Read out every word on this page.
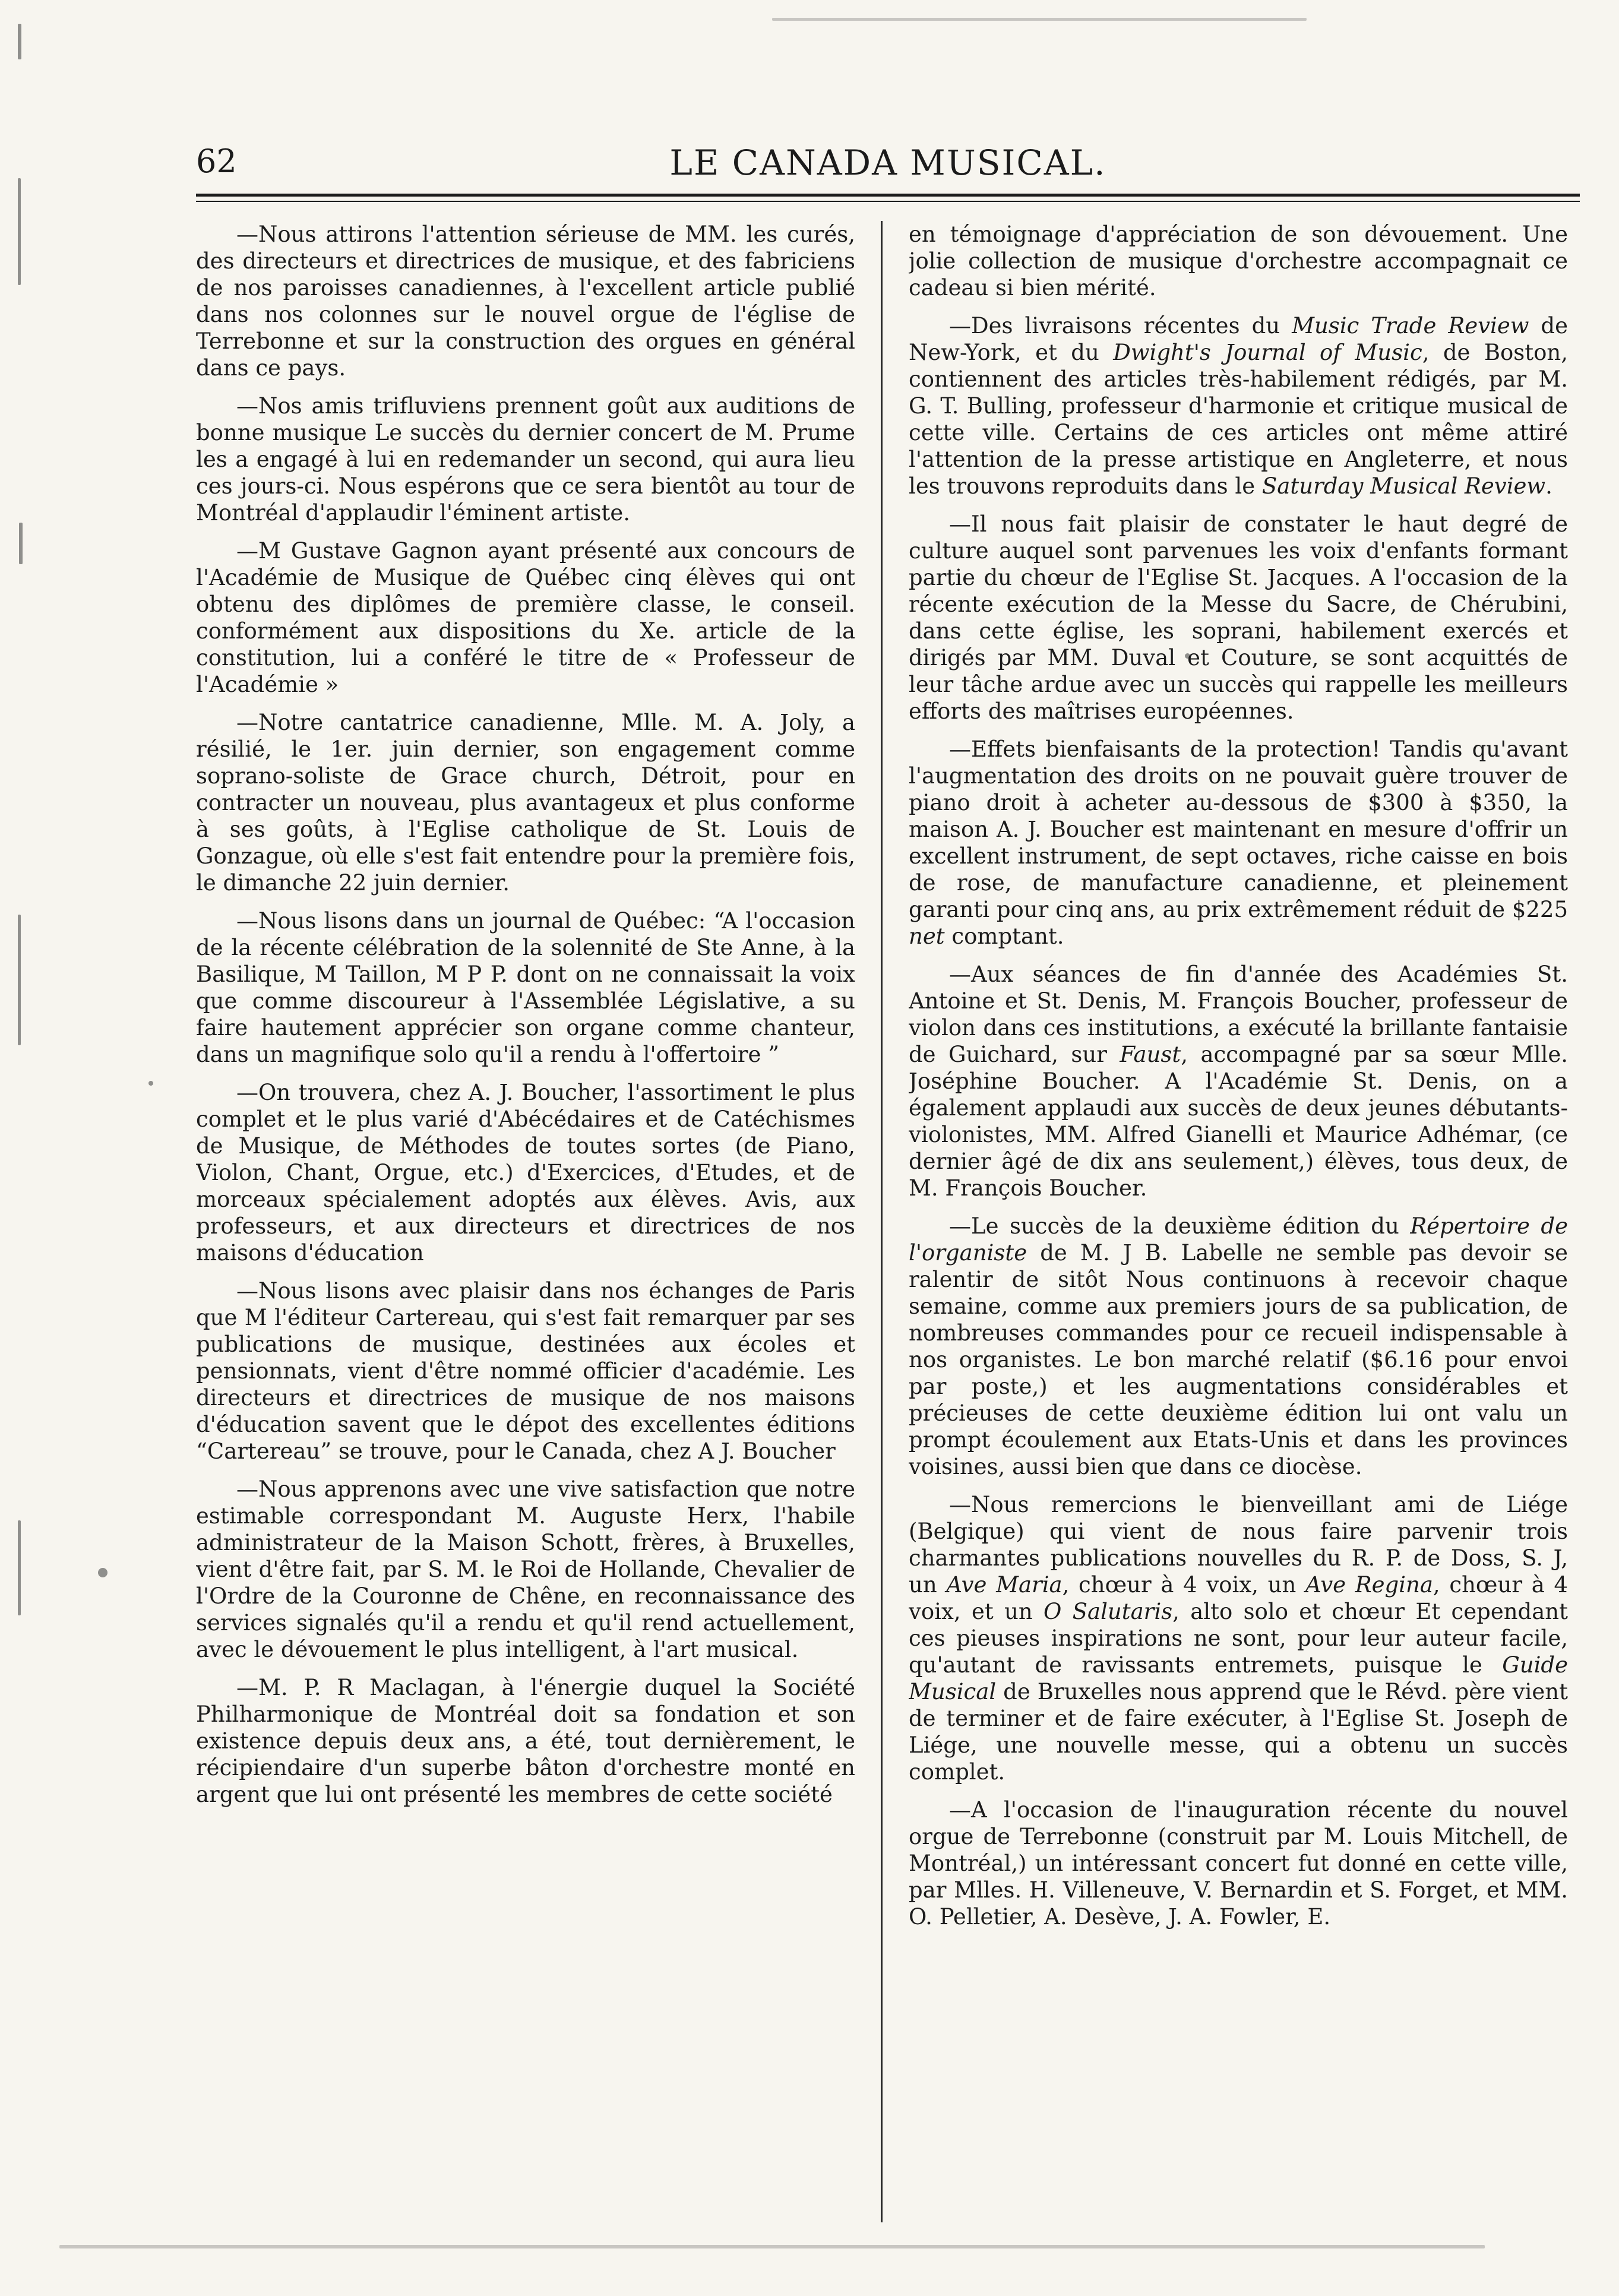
62	LE CANADA MUSICAL.

—Nous attirons l'attention sérieuse de MM. les curés, des directeurs et directrices de musique, et des fabriciens de nos paroisses canadiennes, à l'excellent article publié dans nos colonnes sur le nouvel orgue de l'église de Terrebonne et sur la construction des orgues en général dans ce pays.

—Nos amis trifluviens prennent goût aux auditions de bonne musique Le succès du dernier concert de M. Prume les a engagé à lui en redemander un second, qui aura lieu ces jours-ci. Nous espérons que ce sera bientôt au tour de Montréal d'applaudir l'éminent artiste.

—M Gustave Gagnon ayant présenté aux concours de l'Académie de Musique de Québec cinq élèves qui ont obtenu des diplômes de première classe, le conseil. conformément aux dispositions du Xe. article de la constitution, lui a conféré le titre de « Professeur de l'Académie »

—Notre cantatrice canadienne, Mlle. M. A. Joly, a résilié, le 1er. juin dernier, son engagement comme soprano-soliste de Grace church, Détroit, pour en contracter un nouveau, plus avantageux et plus conforme à ses goûts, à l'Eglise catholique de St. Louis de Gonzague, où elle s'est fait entendre pour la première fois, le dimanche 22 juin dernier.

—Nous lisons dans un journal de Québec: “A l'occasion de la récente célébration de la solennité de Ste Anne, à la Basilique, M Taillon, M P P. dont on ne connaissait la voix que comme discoureur à l'Assemblée Législative, a su faire hautement apprécier son organe comme chanteur, dans un magnifique solo qu'il a rendu à l'offertoire ”

—On trouvera, chez A. J. Boucher, l'assortiment le plus complet et le plus varié d'Abécédaires et de Catéchismes de Musique, de Méthodes de toutes sortes (de Piano, Violon, Chant, Orgue, etc.) d'Exercices, d'Etudes, et de morceaux spécialement adoptés aux élèves. Avis, aux professeurs, et aux directeurs et directrices de nos maisons d'éducation

—Nous lisons avec plaisir dans nos échanges de Paris que M l'éditeur Cartereau, qui s'est fait remarquer par ses publications de musique, destinées aux écoles et pensionnats, vient d'être nommé officier d'académie. Les directeurs et directrices de musique de nos maisons d'éducation savent que le dépot des excellentes éditions “Cartereau” se trouve, pour le Canada, chez A J. Boucher

—Nous apprenons avec une vive satisfaction que notre estimable correspondant M. Auguste Herx, l'habile administrateur de la Maison Schott, frères, à Bruxelles, vient d'être fait, par S. M. le Roi de Hollande, Chevalier de l'Ordre de la Couronne de Chêne, en reconnaissance des services signalés qu'il a rendu et qu'il rend actuellement, avec le dévouement le plus intelligent, à l'art musical.

—M. P. R Maclagan, à l'énergie duquel la Société Philharmonique de Montréal doit sa fondation et son existence depuis deux ans, a été, tout dernièrement, le récipiendaire d'un superbe bâton d'orchestre monté en argent que lui ont présenté les membres de cette société

en témoignage d'appréciation de son dévouement. Une jolie collection de musique d'orchestre accompagnait ce cadeau si bien mérité.

—Des livraisons récentes du Music Trade Review de New-York, et du Dwight's Journal of Music, de Boston, contiennent des articles très-habilement rédigés, par M. G. T. Bulling, professeur d'harmonie et critique musical de cette ville. Certains de ces articles ont même attiré l'attention de la presse artistique en Angleterre, et nous les trouvons reproduits dans le Saturday Musical Review.

—Il nous fait plaisir de constater le haut degré de culture auquel sont parvenues les voix d'enfants formant partie du chœur de l'Eglise St. Jacques. A l'occasion de la récente exécution de la Messe du Sacre, de Chérubini, dans cette église, les soprani, habilement exercés et dirigés par MM. Duval et Couture, se sont acquittés de leur tâche ardue avec un succès qui rappelle les meilleurs efforts des maîtrises européennes.

—Effets bienfaisants de la protection! Tandis qu'avant l'augmentation des droits on ne pouvait guère trouver de piano droit à acheter au-dessous de $300 à $350, la maison A. J. Boucher est maintenant en mesure d'offrir un excellent instrument, de sept octaves, riche caisse en bois de rose, de manufacture canadienne, et pleinement garanti pour cinq ans, au prix extrêmement réduit de $225 net comptant.

—Aux séances de fin d'année des Académies St. Antoine et St. Denis, M. François Boucher, professeur de violon dans ces institutions, a exécuté la brillante fantaisie de Guichard, sur Faust, accompagné par sa sœur Mlle. Joséphine Boucher. A l'Académie St. Denis, on a également applaudi aux succès de deux jeunes débutants-violonistes, MM. Alfred Gianelli et Maurice Adhémar, (ce dernier âgé de dix ans seulement,) élèves, tous deux, de M. François Boucher.

—Le succès de la deuxième édition du Répertoire de l'organiste de M. J B. Labelle ne semble pas devoir se ralentir de sitôt Nous continuons à recevoir chaque semaine, comme aux premiers jours de sa publication, de nombreuses commandes pour ce recueil indispensable à nos organistes. Le bon marché relatif ($6.16 pour envoi par poste,) et les augmentations considérables et précieuses de cette deuxième édition lui ont valu un prompt écoulement aux Etats-Unis et dans les provinces voisines, aussi bien que dans ce diocèse.

—Nous remercions le bienveillant ami de Liége (Belgique) qui vient de nous faire parvenir trois charmantes publications nouvelles du R. P. de Doss, S. J, un Ave Maria, chœur à 4 voix, un Ave Regina, chœur à 4 voix, et un O Salutaris, alto solo et chœur Et cependant ces pieuses inspirations ne sont, pour leur auteur facile, qu'autant de ravissants entremets, puisque le Guide Musical de Bruxelles nous apprend que le Révd. père vient de terminer et de faire exécuter, à l'Eglise St. Joseph de Liége, une nouvelle messe, qui a obtenu un succès complet.

—A l'occasion de l'inauguration récente du nouvel orgue de Terrebonne (construit par M. Louis Mitchell, de Montréal,) un intéressant concert fut donné en cette ville, par Mlles. H. Villeneuve, V. Bernardin et S. Forget, et MM. O. Pelletier, A. Desève, J. A. Fowler, E.
